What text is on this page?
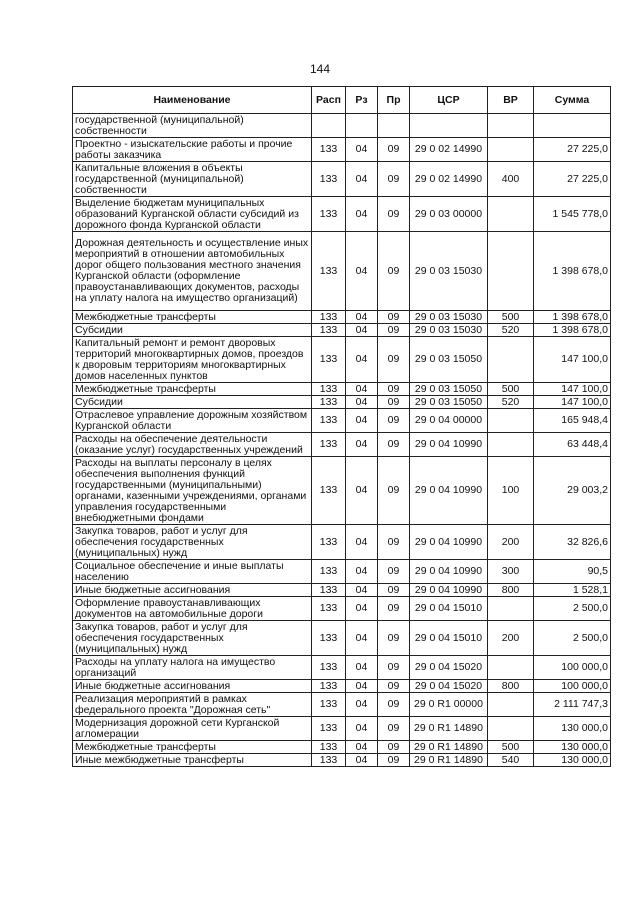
144
Наименование	Расп	Рз	Пр	ЦСР	ВР	Сумма
государственной (муниципальной) собственности						
Проектно - изыскательские работы и прочие работы заказчика	133	04	09	29 0 02 14990		27 225,0
Капитальные вложения в объекты государственной (муниципальной) собственности	133	04	09	29 0 02 14990	400	27 225,0
Выделение бюджетам муниципальных образований Курганской области субсидий из дорожного фонда Курганской области	133	04	09	29 0 03 00000		1 545 778,0
Дорожная деятельность и осуществление иных мероприятий в отношении автомобильных дорог общего пользования местного значения Курганской области (оформление правоустанавливающих документов, расходы на уплату налога на имущество организаций)	133	04	09	29 0 03 15030		1 398 678,0
Межбюджетные трансферты	133	04	09	29 0 03 15030	500	1 398 678,0
Субсидии	133	04	09	29 0 03 15030	520	1 398 678,0
Капитальный ремонт и ремонт дворовых территорий многоквартирных домов, проездов к дворовым территориям многоквартирных домов населенных пунктов	133	04	09	29 0 03 15050		147 100,0
Межбюджетные трансферты	133	04	09	29 0 03 15050	500	147 100,0
Субсидии	133	04	09	29 0 03 15050	520	147 100,0
Отраслевое управление дорожным хозяйством Курганской области	133	04	09	29 0 04 00000		165 948,4
Расходы на обеспечение деятельности (оказание услуг) государственных учреждений	133	04	09	29 0 04 10990		63 448,4
Расходы на выплаты персоналу в целях обеспечения выполнения функций государственными (муниципальными) органами, казенными учреждениями, органами управления государственными внебюджетными фондами	133	04	09	29 0 04 10990	100	29 003,2
Закупка товаров, работ и услуг для обеспечения государственных (муниципальных) нужд	133	04	09	29 0 04 10990	200	32 826,6
Социальное обеспечение и иные выплаты населению	133	04	09	29 0 04 10990	300	90,5
Иные бюджетные ассигнования	133	04	09	29 0 04 10990	800	1 528,1
Оформление правоустанавливающих документов на автомобильные дороги	133	04	09	29 0 04 15010		2 500,0
Закупка товаров, работ и услуг для обеспечения государственных (муниципальных) нужд	133	04	09	29 0 04 15010	200	2 500,0
Расходы на уплату налога на имущество организаций	133	04	09	29 0 04 15020		100 000,0
Иные бюджетные ассигнования	133	04	09	29 0 04 15020	800	100 000,0
Реализация мероприятий в рамках федерального проекта "Дорожная сеть"	133	04	09	29 0 R1 00000		2 111 747,3
Модернизация дорожной сети Курганской агломерации	133	04	09	29 0 R1 14890		130 000,0
Межбюджетные трансферты	133	04	09	29 0 R1 14890	500	130 000,0
Иные межбюджетные трансферты	133	04	09	29 0 R1 14890	540	130 000,0
